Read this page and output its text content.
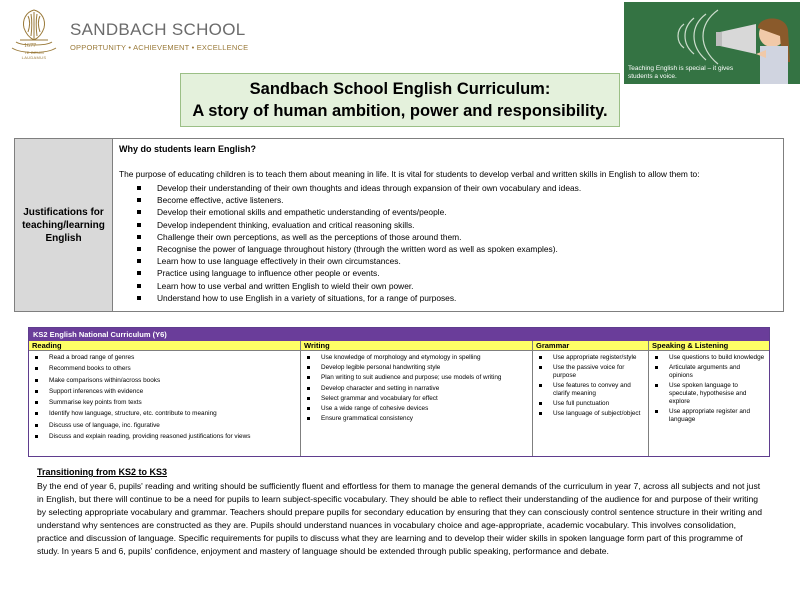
1677
TE DEUM LAUDAMUS
SANDBACH SCHOOL
OPPORTUNITY • ACHIEVEMENT • EXCELLENCE
Teaching English is special – it gives students a voice.
Sandbach School English Curriculum:
A story of human ambition, power and responsibility.
Justifications for teaching/learning English
Why do students learn English?
The purpose of educating children is to teach them about meaning in life. It is vital for students to develop verbal and written skills in English to allow them to:
Develop their understanding of their own thoughts and ideas through expansion of their own vocabulary and ideas.
Become effective, active listeners.
Develop their emotional skills and empathetic understanding of events/people.
Develop independent thinking, evaluation and critical reasoning skills.
Challenge their own perceptions, as well as the perceptions of those around them.
Recognise the power of language throughout history (through the written word as well as spoken examples).
Learn how to use language effectively in their own circumstances.
Practice using language to influence other people or events.
Learn how to use verbal and written English to wield their own power.
Understand how to use English in a variety of situations, for a range of purposes.
KS2 English National Curriculum (Y6)
Reading
Read a broad range of genres
Recommend books to others
Make comparisons within/across books
Support inferences with evidence
Summarise key points from texts
Identify how language, structure, etc. contribute to meaning
Discuss use of language, inc. figurative
Discuss and explain reading, providing reasoned justifications for views
Writing
Use knowledge of morphology and etymology in spelling
Develop legible personal handwriting style
Plan writing to suit audience and purpose; use models of writing
Develop character and setting in narrative
Select grammar and vocabulary for effect
Use a wide range of cohesive devices
Ensure grammatical consistency
Grammar
Use appropriate register/style
Use the passive voice for purpose
Use features to convey and clarify meaning
Use full punctuation
Use language of subject/object
Speaking & Listening
Use questions to build knowledge
Articulate arguments and opinions
Use spoken language to speculate, hypothesise and explore
Use appropriate register and language
Transitioning from KS2 to KS3
By the end of year 6, pupils' reading and writing should be sufficiently fluent and effortless for them to manage the general demands of the curriculum in year 7, across all subjects and not just in English, but there will continue to be a need for pupils to learn subject-specific vocabulary. They should be able to reflect their understanding of the audience for and purpose of their writing by selecting appropriate vocabulary and grammar. Teachers should prepare pupils for secondary education by ensuring that they can consciously control sentence structure in their writing and understand why sentences are constructed as they are. Pupils should understand nuances in vocabulary choice and age-appropriate, academic vocabulary. This involves consolidation, practice and discussion of language. Specific requirements for pupils to discuss what they are learning and to develop their wider skills in spoken language form part of this programme of study. In years 5 and 6, pupils' confidence, enjoyment and mastery of language should be extended through public speaking, performance and debate.
